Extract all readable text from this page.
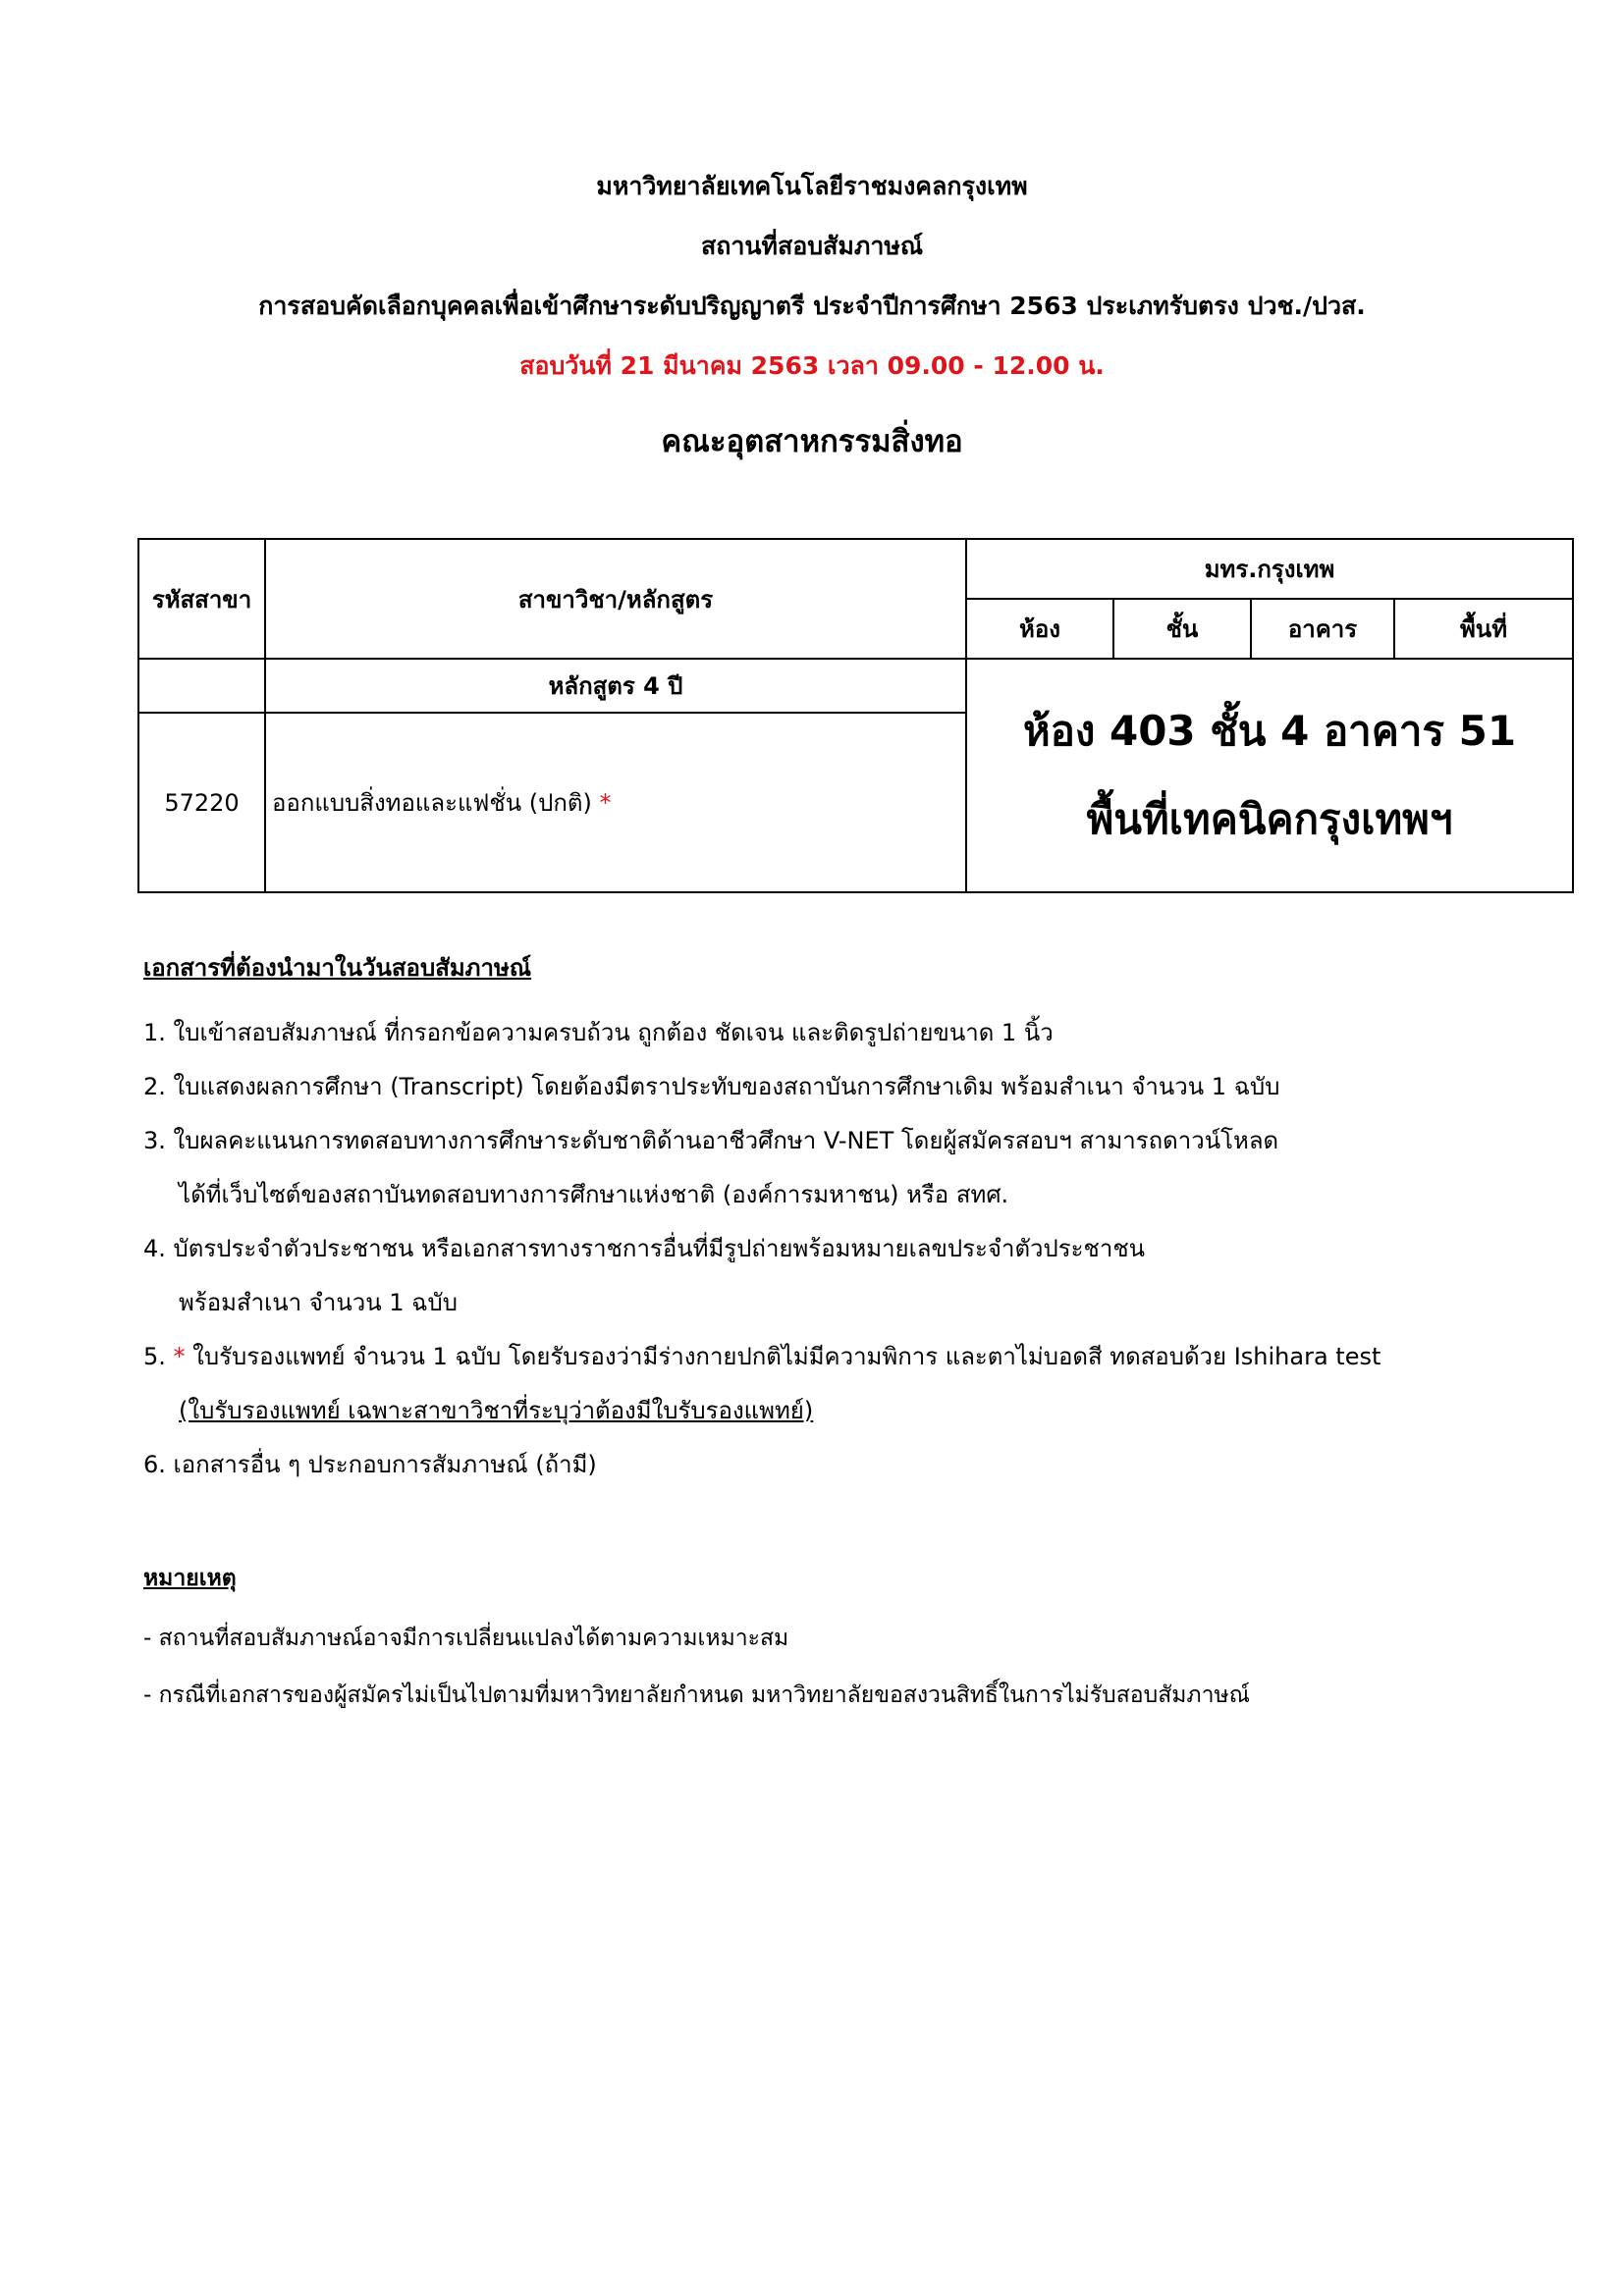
มหาวิทยาลัยเทคโนโลยีราชมงคลกรุงเทพ
สถานที่สอบสัมภาษณ์
การสอบคัดเลือกบุคคลเพื่อเข้าศึกษาระดับปริญญาตรี ประจำปีการศึกษา 2563 ประเภทรับตรง ปวช./ปวส.
สอบวันที่ 21 มีนาคม 2563 เวลา 09.00 - 12.00 น.
คณะอุตสาหกรรมสิ่งทอ
รหัสสาขา	สาขาวิชา/หลักสูตร	มทร.กรุงเทพ			
		ห้อง	ชั้น	อาคาร	พื้นที่
	หลักสูตร 4 ปี	ห้อง 403 ชั้น 4 อาคาร 51
พื้นที่เทคนิคกรุงเทพฯ			

57220	ออกแบบสิ่งทอและแฟชั่น (ปกติ) *				
เอกสารที่ต้องนำมาในวันสอบสัมภาษณ์
1. ใบเข้าสอบสัมภาษณ์ ที่กรอกข้อความครบถ้วน ถูกต้อง ชัดเจน และติดรูปถ่ายขนาด 1 นิ้ว
2. ใบแสดงผลการศึกษา (Transcript) โดยต้องมีตราประทับของสถาบันการศึกษาเดิม พร้อมสำเนา จำนวน 1 ฉบับ
3. ใบผลคะแนนการทดสอบทางการศึกษาระดับชาติด้านอาชีวศึกษา V-NET โดยผู้สมัครสอบฯ สามารถดาวน์โหลด
ได้ที่เว็บไซต์ของสถาบันทดสอบทางการศึกษาแห่งชาติ (องค์การมหาชน) หรือ สทศ.
4. บัตรประจำตัวประชาชน หรือเอกสารทางราชการอื่นที่มีรูปถ่ายพร้อมหมายเลขประจำตัวประชาชน
พร้อมสำเนา จำนวน 1 ฉบับ
5. * ใบรับรองแพทย์ จำนวน 1 ฉบับ โดยรับรองว่ามีร่างกายปกติไม่มีความพิการ และตาไม่บอดสี ทดสอบด้วย Ishihara test
(ใบรับรองแพทย์ เฉพาะสาขาวิชาที่ระบุว่าต้องมีใบรับรองแพทย์)
6. เอกสารอื่น ๆ ประกอบการสัมภาษณ์ (ถ้ามี)
หมายเหตุ
- สถานที่สอบสัมภาษณ์อาจมีการเปลี่ยนแปลงได้ตามความเหมาะสม
- กรณีที่เอกสารของผู้สมัครไม่เป็นไปตามที่มหาวิทยาลัยกำหนด มหาวิทยาลัยขอสงวนสิทธิ์ในการไม่รับสอบสัมภาษณ์
